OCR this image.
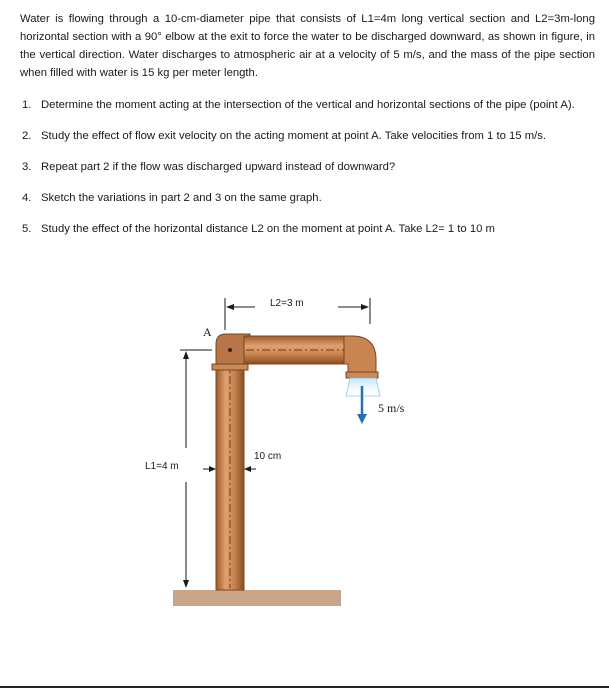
Water is flowing through a 10-cm-diameter pipe that consists of L1=4m long vertical section and L2=3m-long horizontal section with a 90° elbow at the exit to force the water to be discharged downward, as shown in figure, in the vertical direction. Water discharges to atmospheric air at a velocity of 5 m/s, and the mass of the pipe section when filled with water is 15 kg per meter length.
1. Determine the moment acting at the intersection of the vertical and horizontal sections of the pipe (point A).
2. Study the effect of flow exit velocity on the acting moment at point A. Take velocities from 1 to 15 m/s.
3. Repeat part 2 if the flow was discharged upward instead of downward?
4. Sketch the variations in part 2 and 3 on the same graph.
5. Study the effect of the horizontal distance L2 on the moment at point A. Take L2= 1 to 10 m
5 m/s
L2=3 m
A
L1=4 m
10 cm
